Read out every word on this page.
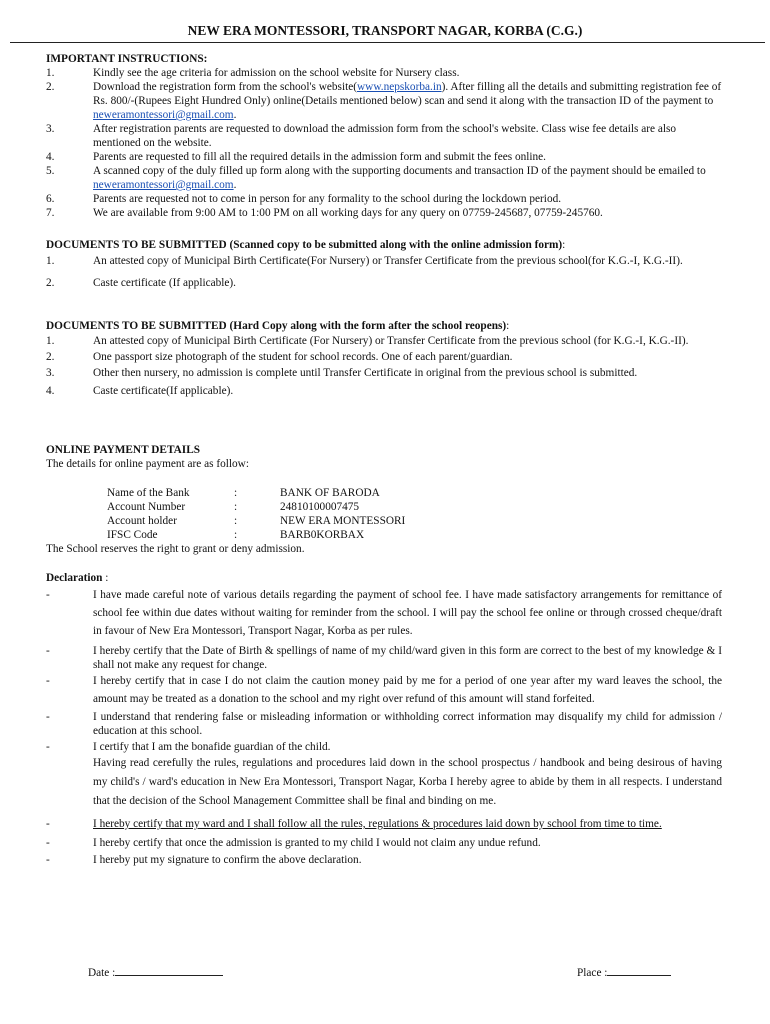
NEW ERA MONTESSORI, TRANSPORT NAGAR, KORBA (C.G.)
IMPORTANT INSTRUCTIONS:
1.	Kindly see the age criteria for admission on the school website for Nursery class.
2.	Download the registration form from the school's website(www.nepskorba.in). After filling all the details and submitting registration fee of Rs. 800/-(Rupees Eight Hundred Only) online(Details mentioned below) scan and send it along with the transaction ID of the payment to neweramontessori@gmail.com.
3.	After registration parents are requested to download the admission form from the school's website. Class wise fee details are also mentioned on the website.
4.	Parents are requested to fill all the required details in the admission form and submit the fees online.
5.	A scanned copy of the duly filled up form along with the supporting documents and transaction ID of the payment should be emailed to neweramontessori@gmail.com.
6.	Parents are requested not to come in person for any formality to the school during the lockdown period.
7.	We are available from 9:00 AM to 1:00 PM on all working days for any query on 07759-245687, 07759-245760.
DOCUMENTS TO BE SUBMITTED (Scanned copy to be submitted along with the online admission form):
1.	An attested copy of Municipal Birth Certificate(For Nursery) or Transfer Certificate from the previous school(for K.G.-I, K.G.-II).
2.	Caste certificate (If applicable).
DOCUMENTS TO BE SUBMITTED (Hard Copy along with the form after the school reopens):
1.	An attested copy of Municipal Birth Certificate (For Nursery) or Transfer Certificate from the previous school (for K.G.-I, K.G.-II).
2.	One passport size photograph of the student for school records. One of each parent/guardian.
3.	Other then nursery, no admission is complete until Transfer Certificate in original from the previous school is submitted.
4.	Caste certificate(If applicable).
ONLINE PAYMENT DETAILS
The details for online payment are as follow:
Name of the Bank	:	BANK OF BARODA
Account Number	:	24810100007475
Account holder	:	NEW ERA MONTESSORI
IFSC Code	:	BARB0KORBAX
The School reserves the right to grant or deny admission.
Declaration :
-	I have made careful note of various details regarding the payment of school fee. I have made satisfactory arrangements for remittance of school fee within due dates without waiting for reminder from the school. I will pay the school fee online or through crossed cheque/draft in favour of New Era Montessori, Transport Nagar, Korba as per rules.
-	I hereby certify that the Date of Birth & spellings of name of my child/ward given in this form are correct to the best of my knowledge & I shall not make any request for change.
-	I hereby certify that in case I do not claim the caution money paid by me for a period of one year after my ward leaves the school, the amount may be treated as a donation to the school and my right over refund of this amount will stand forfeited.
-	I understand that rendering false or misleading information or withholding correct information may disqualify my child for admission / education at this school.
-	I certify that I am the bonafide guardian of the child.
Having read cerefully the rules, regulations and procedures laid down in the school prospectus / handbook and being desirous of having my child's / ward's education in New Era Montessori, Transport Nagar, Korba I hereby agree to abide by them in all respects. I understand that the decision of the School Management Committee shall be final and binding on me.
-	I hereby certify that my ward and I shall follow all the rules, regulations & procedures laid down by school from time to time.
-	I hereby certify that once the admission is granted to my child I would not claim any undue refund.
-	I hereby put my signature to confirm the above declaration.
Date :	Place :
